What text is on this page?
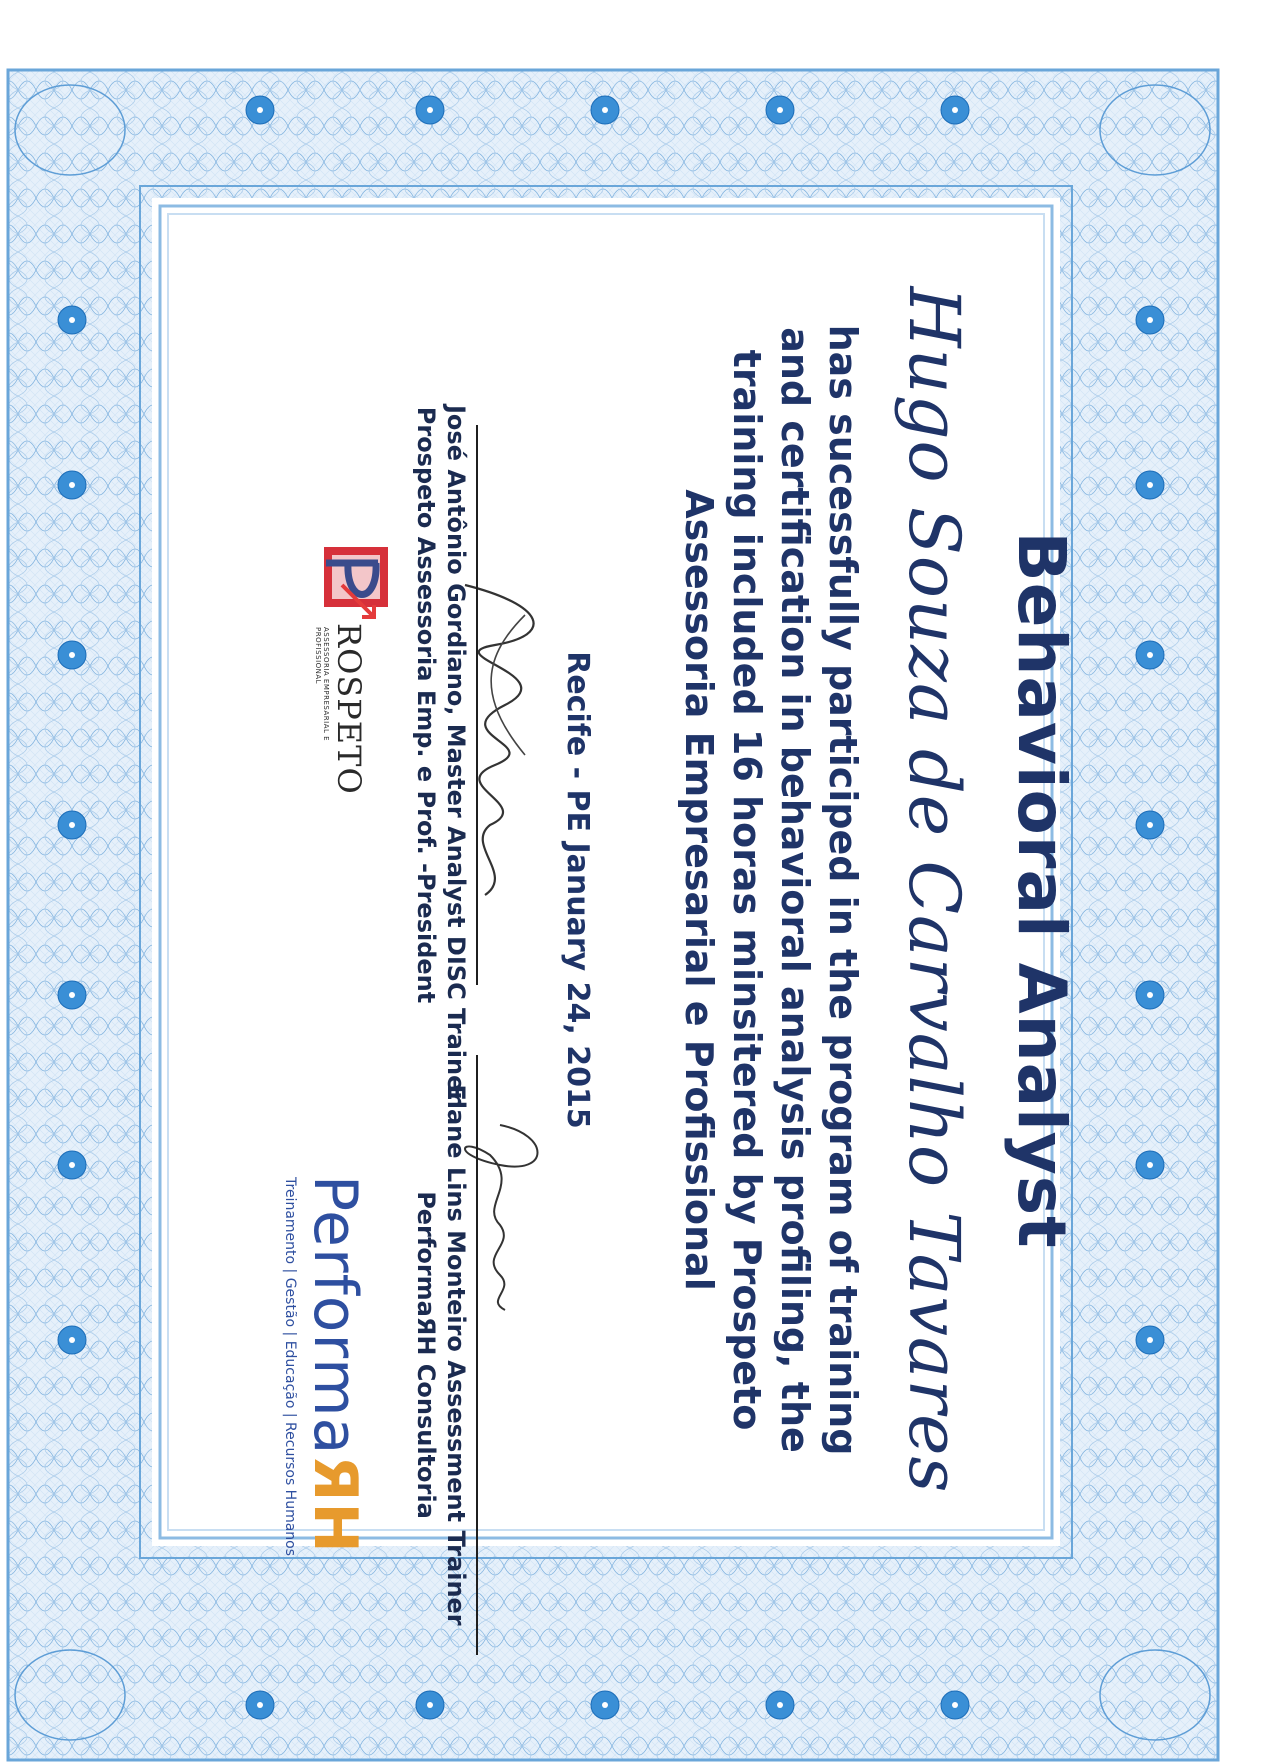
Behavioral Analyst
Hugo Souza de Carvalho Tavares
has sucessfully participed in the program of training
and certification in behavioral analysis profiling, the
training included 16 horas minsitered by Prospeto
Assessoria Empresarial e Profissional
Recife - PE January 24, 2015
José Antônio Gordiano, Master Analyst DISC Trainer
Prospeto Assessoria Emp. e Prof. -President
Elane Lins Monteiro Assessment Trainer
PerformaЯH Consultoria
ROSPETO
ASSESSORIA EMPRESARIAL E PROFISSIONAL
PerformaЯH
Treinamento | Gestão | Educação | Recursos Humanos
